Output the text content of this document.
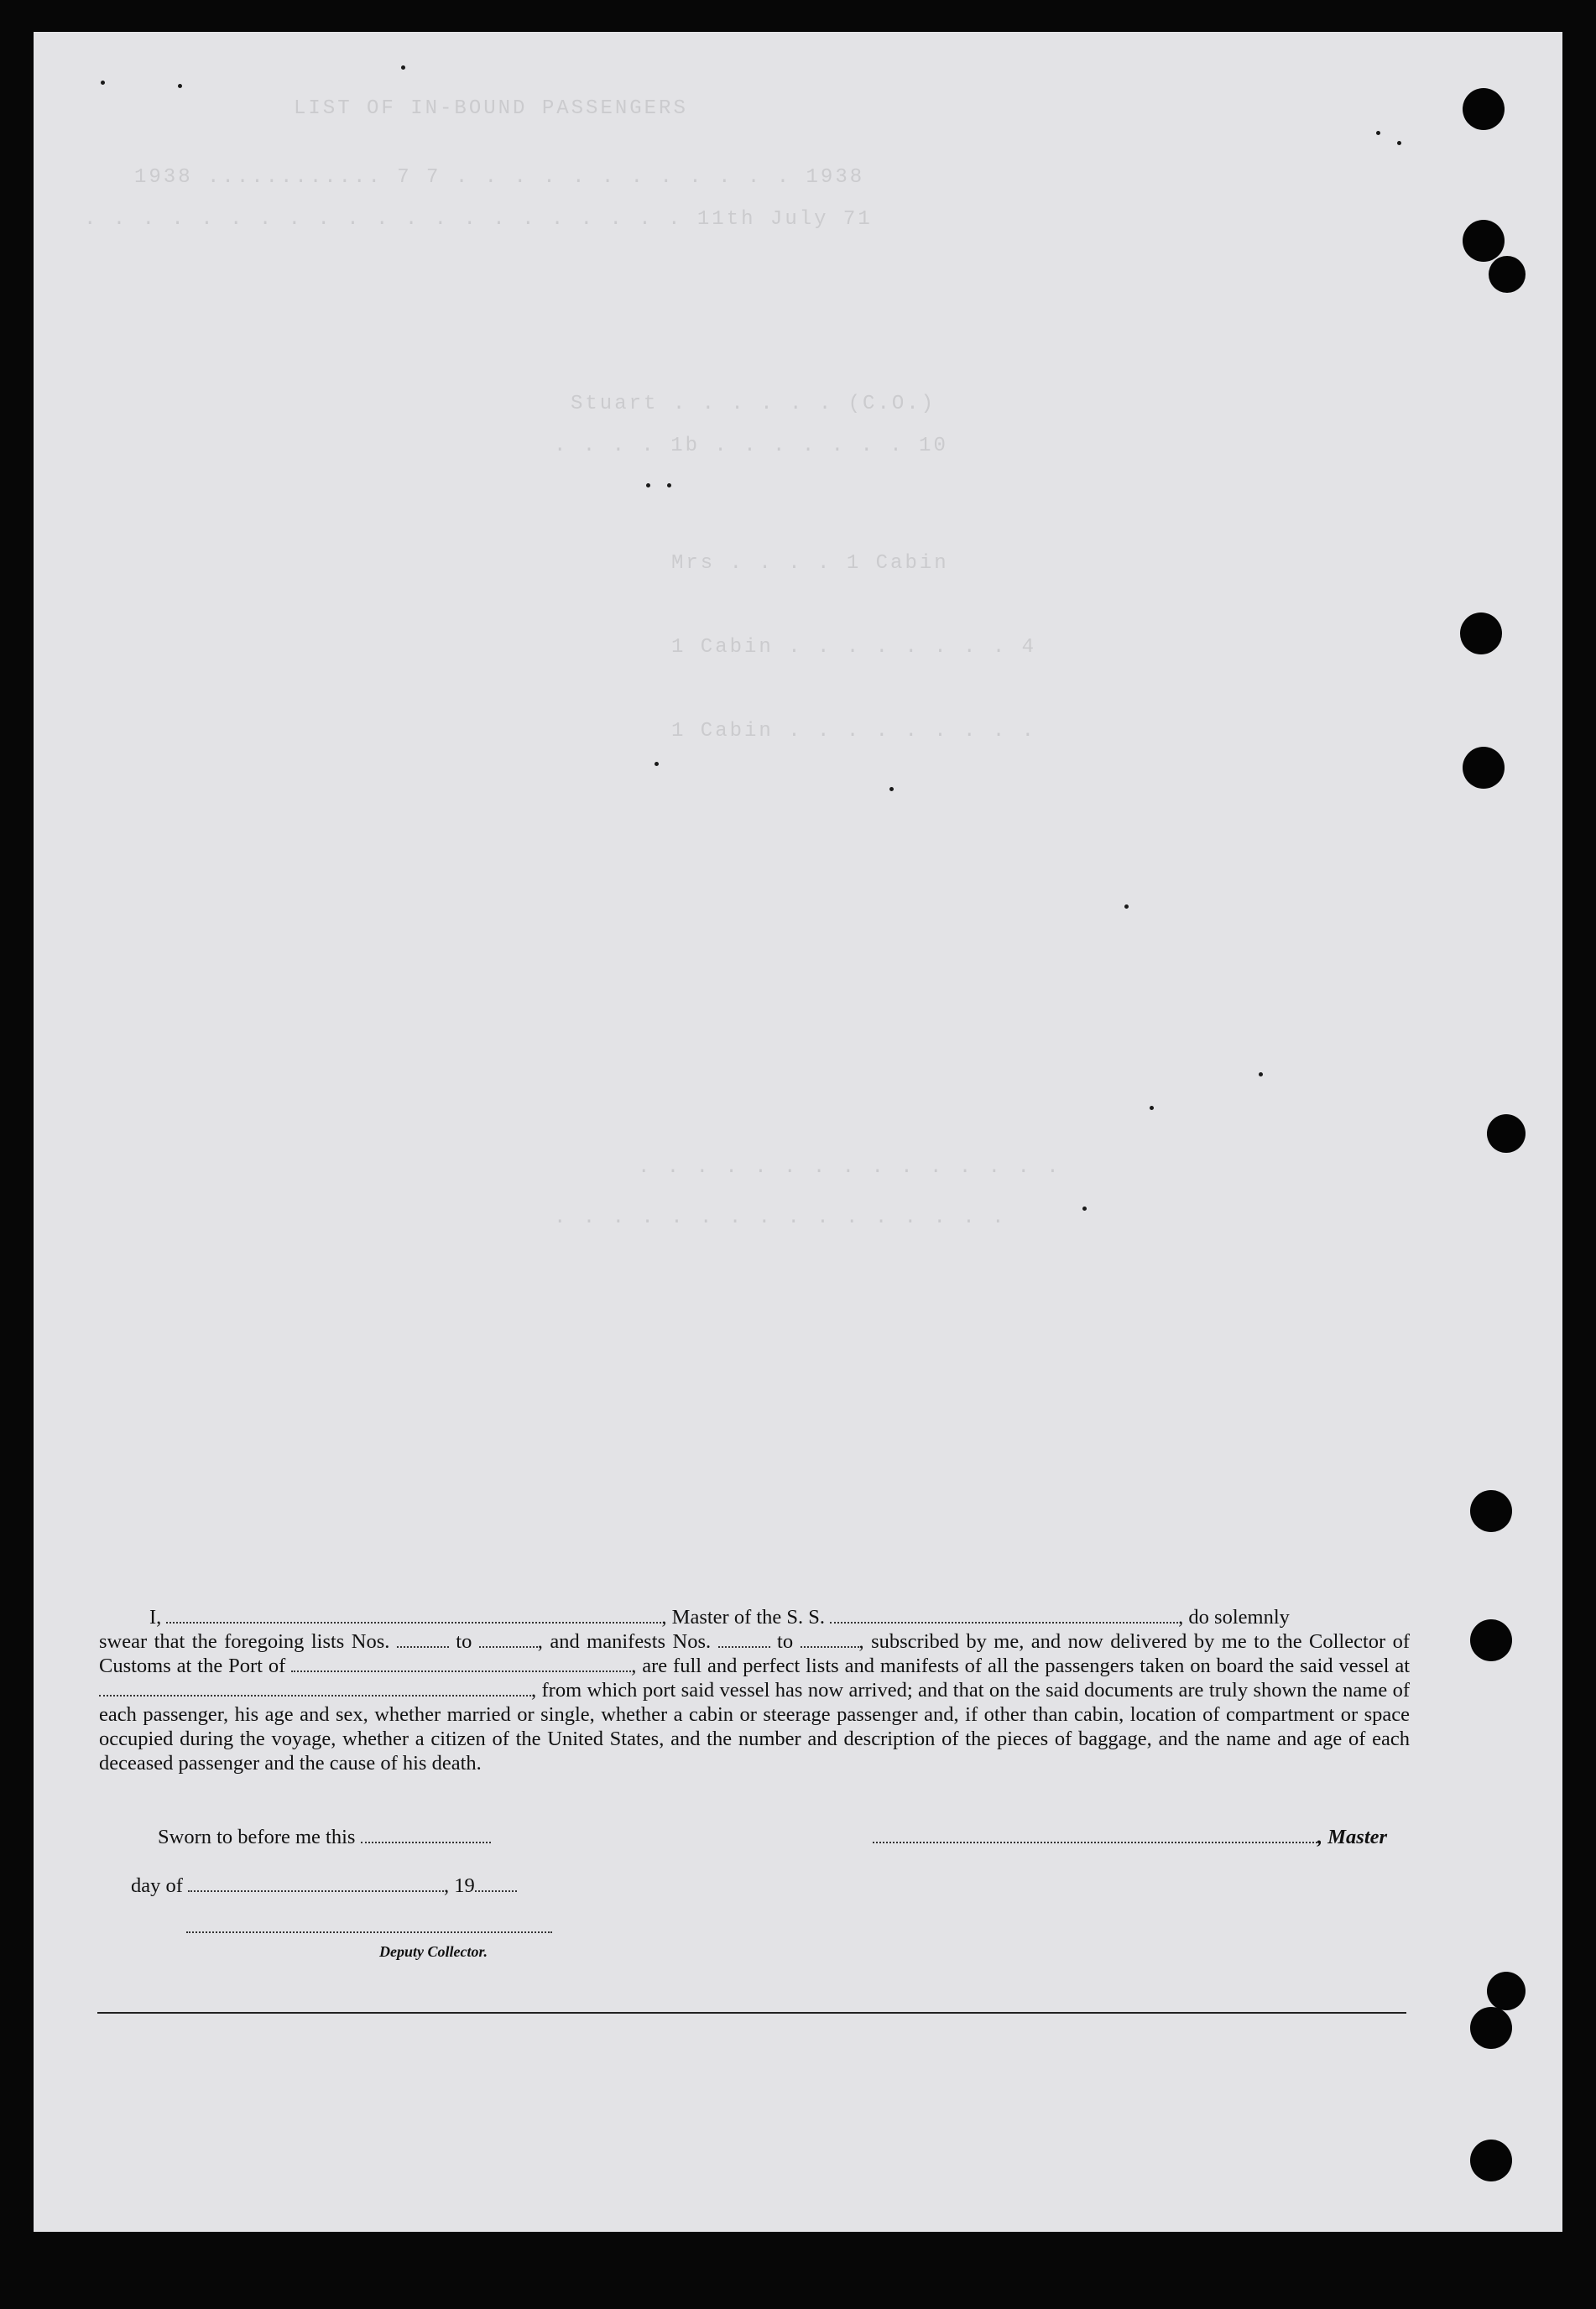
LIST OF IN-BOUND PASSENGERS
1938 ............ 7 7 . . . . . . . . . . . . 1938
. . . . . . . . . . . . . . . . . . . . . 11th July 71
Stuart . . . . . . (C.O.)
. . . . 1b . . . . . . . 10
Mrs . . . . 1 Cabin
1 Cabin . . . . . . . . 4
1 Cabin . . . . . . . . .
. . . . . . . . . . . . . . .
. . . . . . . . . . . . . . . .

I,	, Master of the S. S.	, do solemnly

swear that the foregoing lists Nos.	to	, and manifests Nos.	to	, subscribed by me, and now delivered by me to the Collector of Customs at the Port of	, are full and perfect lists and manifests of all the passengers taken on board the said vessel at , from which port said vessel has now arrived; and that on the said documents are truly shown the name of each passenger, his age and sex, whether married or single, whether a cabin or steerage passenger and, if other than cabin, location of compartment or space occupied during the voyage, whether a citizen of the United States, and the number and description of the pieces of baggage, and the name and age of each deceased passenger and the cause of his death.
Sworn to before me this	, Master
day of	, 19
Deputy Collector.
